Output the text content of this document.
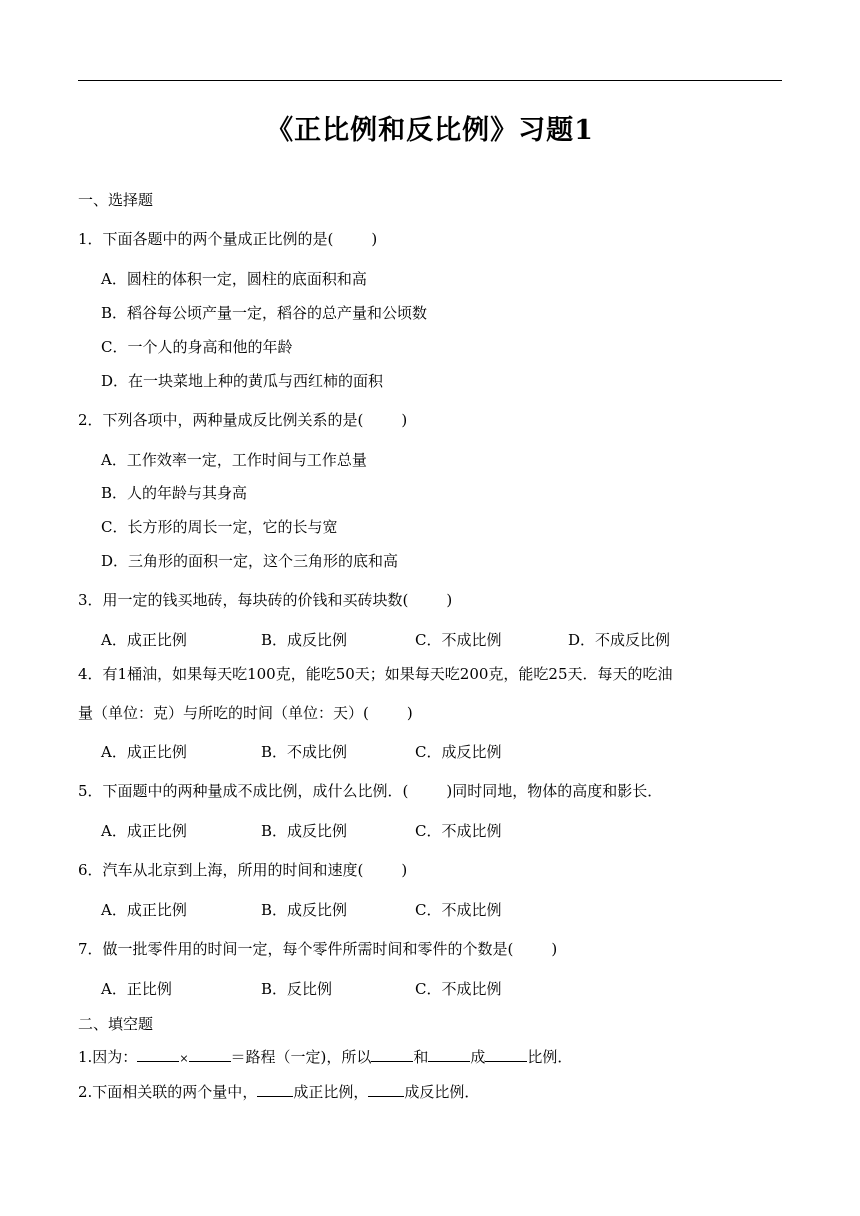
《正比例和反比例》习题1
一、选择题
1．下面各题中的两个量成正比例的是(	)
A．圆柱的体积一定，圆柱的底面积和高
B．稻谷每公顷产量一定，稻谷的总产量和公顷数
C．一个人的身高和他的年龄
D．在一块菜地上种的黄瓜与西红柿的面积
2．下列各项中，两种量成反比例关系的是(	)
A．工作效率一定，工作时间与工作总量
B．人的年龄与其身高
C．长方形的周长一定，它的长与宽
D．三角形的面积一定，这个三角形的底和高
3．用一定的钱买地砖，每块砖的价钱和买砖块数(	)
A．成正比例	B．成反比例	C．不成比例	D．不成反比例
4．有1桶油，如果每天吃100克，能吃50天；如果每天吃200克，能吃25天．每天的吃油
量（单位：克）与所吃的时间（单位：天）(	)
A．成正比例	B．不成比例	C．成反比例
5．下面题中的两种量成不成比例，成什么比例．(	)同时同地，物体的高度和影长．
A．成正比例	B．成反比例	C．不成比例
6．汽车从北京到上海，所用的时间和速度(	)
A．成正比例	B．成反比例	C．不成比例
7．做一批零件用的时间一定，每个零件所需时间和零件的个数是(	)
A．正比例	B．反比例	C．不成比例
二、填空题
1.因为：	×	＝路程（一定)，所以	和	成	比例．
2.下面相关联的两个量中， 成正比例， 成反比例．
